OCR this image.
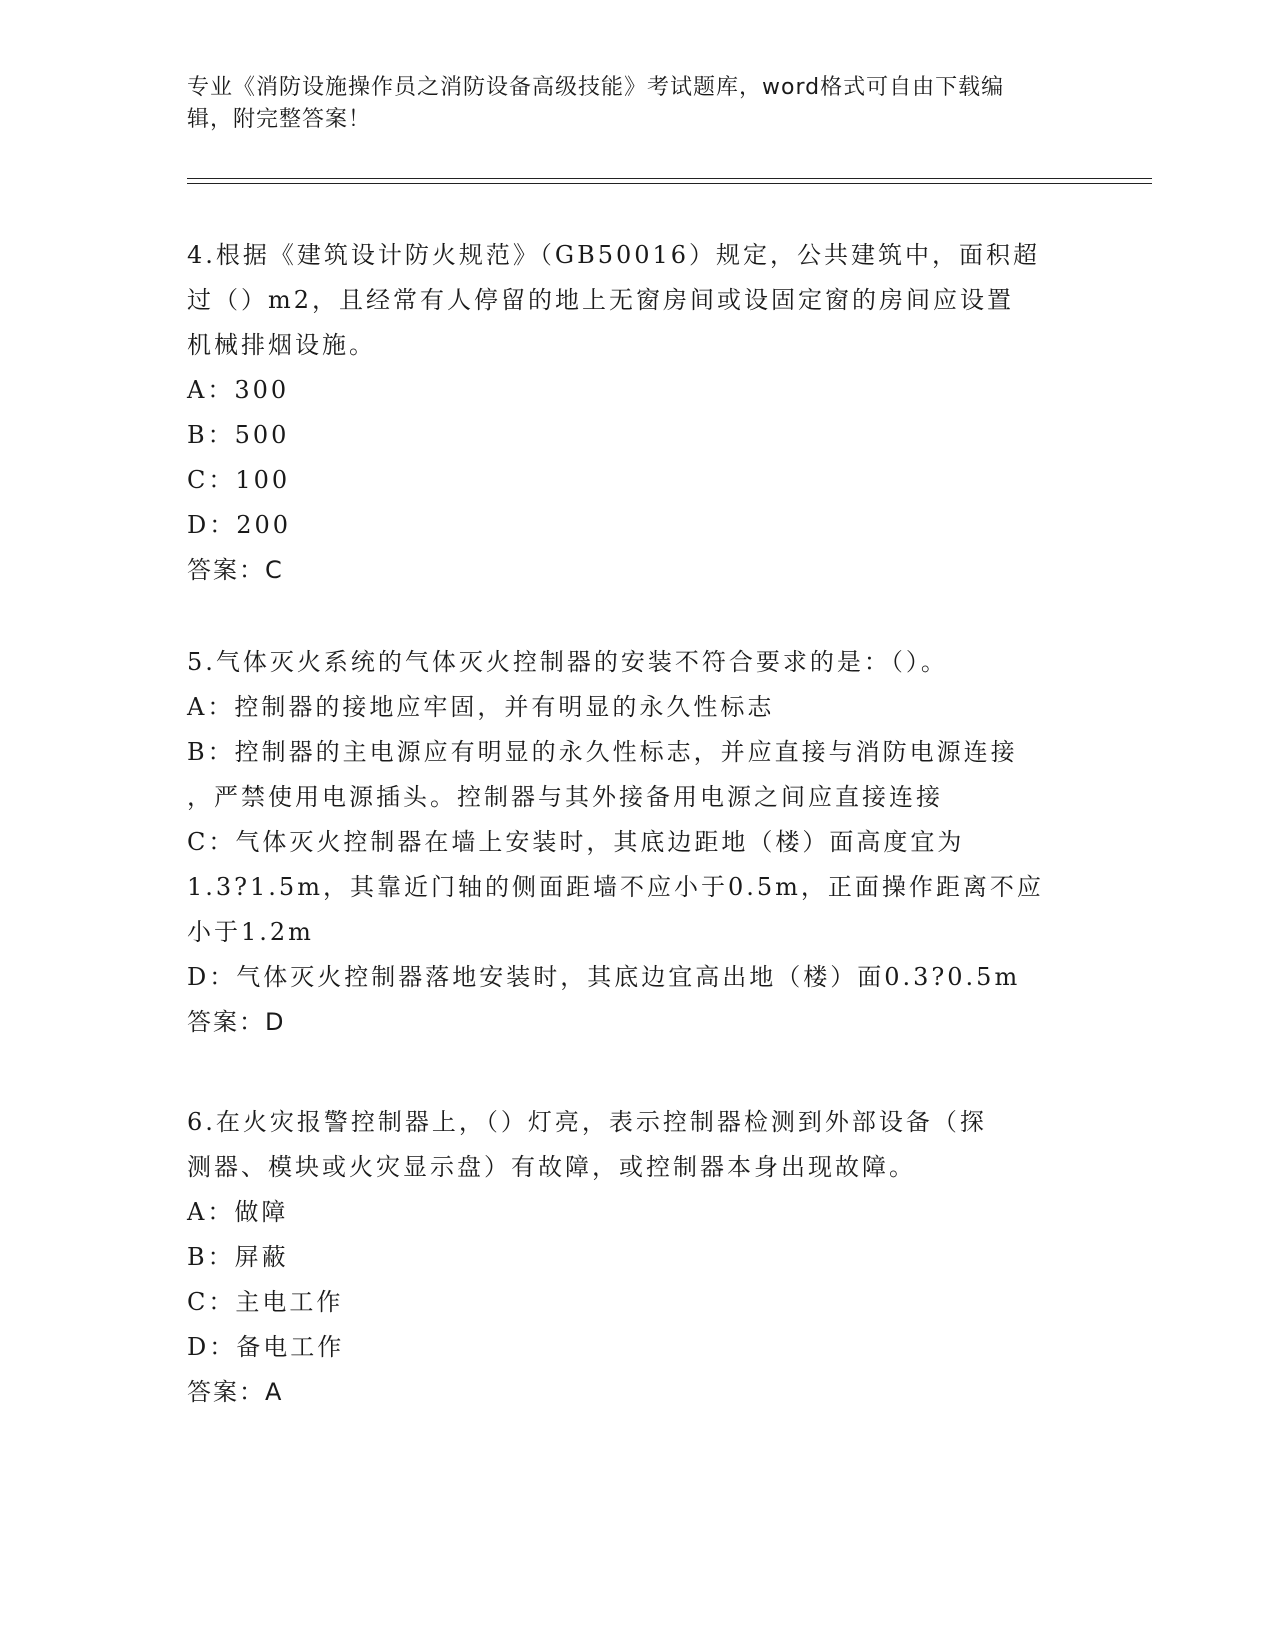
专业《消防设施操作员之消防设备高级技能》考试题库，word格式可自由下载编
辑，附完整答案！
4.根据《建筑设计防火规范》（GB50016）规定，公共建筑中，面积超
过（）m2，且经常有人停留的地上无窗房间或设固定窗的房间应设置
机械排烟设施。
A：300
B：500
C：100
D：200
答案：C
5.气体灭火系统的气体灭火控制器的安装不符合要求的是：（）。
A：控制器的接地应牢固，并有明显的永久性标志
B：控制器的主电源应有明显的永久性标志，并应直接与消防电源连接
，严禁使用电源插头。控制器与其外接备用电源之间应直接连接
C：气体灭火控制器在墙上安装时，其底边距地（楼）面高度宜为
1.3?1.5m，其靠近门轴的侧面距墙不应小于0.5m，正面操作距离不应
小于1.2m
D：气体灭火控制器落地安装时，其底边宜高出地（楼）面0.3?0.5m
答案：D
6.在火灾报警控制器上，（）灯亮，表示控制器检测到外部设备（探
测器、模块或火灾显示盘）有故障，或控制器本身出现故障。
A：做障
B：屏蔽
C：主电工作
D：备电工作
答案：A
